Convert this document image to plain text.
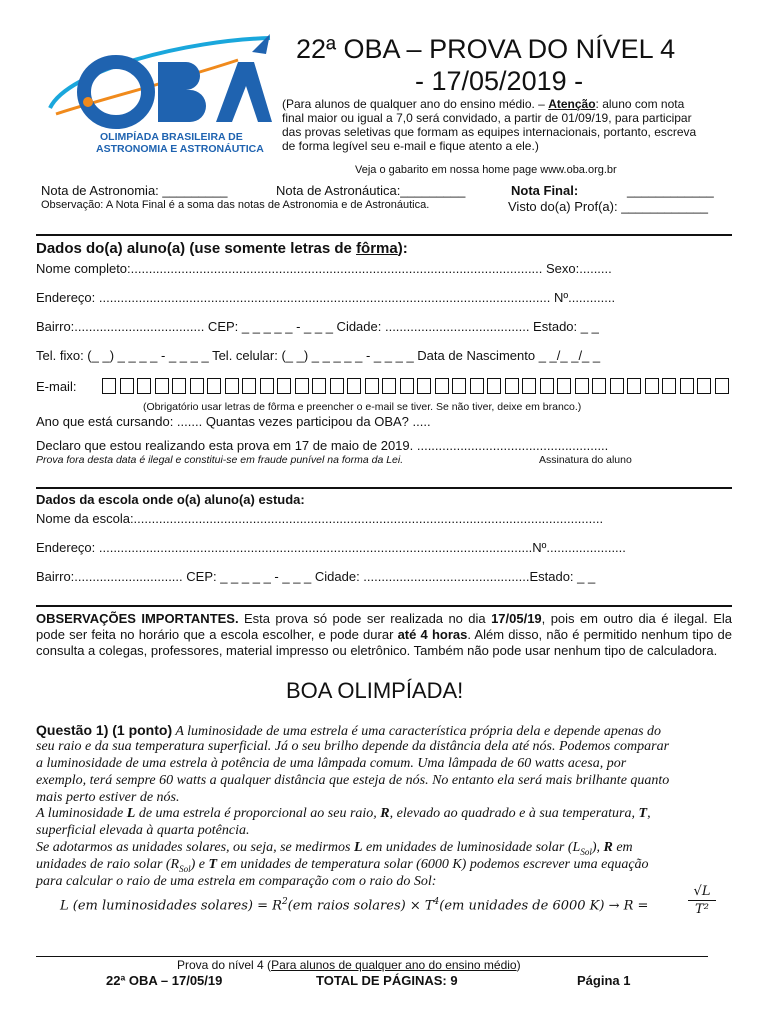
OLIMPÍADA BRASILEIRA DE
ASTRONOMIA E ASTRONÁUTICA
22ª OBA – PROVA DO NÍVEL 4
- 17/05/2019 -
(Para alunos de qualquer ano do ensino médio. – Atenção: aluno com nota
final maior ou igual a 7,0 será convidado, a partir de 01/09/19, para participar
das provas seletivas que formam as equipes internacionais, portanto, escreva
de forma legível seu e-mail e fique atento a ele.)
Veja o gabarito em nossa home page www.oba.org.br
Nota de Astronomia: _________	Nota de Astronáutica:_________	Nota Final:	____________
Observação: A Nota Final é a soma das notas de Astronomia e de Astronáutica.	Visto do(a) Prof(a): ____________
Dados do(a) aluno(a) (use somente letras de fôrma):
Nome completo:.................................................................................................................. Sexo:.........
Endereço: ............................................................................................................................. Nº.............
Bairro:.................................... CEP: _ _ _ _ _ - _ _ _ Cidade: ........................................ Estado: _ _
Tel. fixo: (_ _) _ _ _ _ - _ _ _ _ Tel. celular: (_ _) _ _ _ _ _ - _ _ _ _ Data de Nascimento _ _/_ _/_ _
E-mail:
(Obrigatório usar letras de fôrma e preencher o e-mail se tiver. Se não tiver, deixe em branco.)
Ano que está cursando: ....... Quantas vezes participou da OBA? .....
Declaro que estou realizando esta prova em 17 de maio de 2019. .....................................................
Prova fora desta data é ilegal e constitui-se em fraude punível na forma da Lei.	Assinatura do aluno
Dados da escola onde o(a) aluno(a) estuda:
Nome da escola:..................................................................................................................................
Endereço: ........................................................................................................................Nº......................
Bairro:.............................. CEP: _ _ _ _ _ - _ _ _ Cidade: ..............................................Estado: _ _
OBSERVAÇÕES IMPORTANTES. Esta prova só pode ser realizada no dia 17/05/19, pois em outro dia é ilegal. Ela pode ser feita no horário que a escola escolher, e pode durar até 4 horas. Além disso, não é permitido nenhum tipo de consulta a colegas, professores, material impresso ou eletrônico. Também não pode usar nenhum tipo de calculadora.
BOA OLIMPÍADA!
Questão 1) (1 ponto) A luminosidade de uma estrela é uma característica própria dela e depende apenas do
seu raio e da sua temperatura superficial. Já o seu brilho depende da distância dela até nós. Podemos comparar
a luminosidade de uma estrela à potência de uma lâmpada comum. Uma lâmpada de 60 watts acesa, por
exemplo, terá sempre 60 watts a qualquer distância que esteja de nós. No entanto ela será mais brilhante quanto
mais perto estiver de nós.
A luminosidade L de uma estrela é proporcional ao seu raio, R, elevado ao quadrado e à sua temperatura, T,
superficial elevada à quarta potência.
Se adotarmos as unidades solares, ou seja, se medirmos L em unidades de luminosidade solar $(L_{Sol})$, R em
unidades de raio solar $(R_{Sol})$ e T em unidades de temperatura solar (6000 K) podemos escrever uma equação
para calcular o raio de uma estrela em comparação com o raio do Sol:
L (em luminosidades solares) = $R^2(em$ raios solares) × $T^4(em$ unidades de 6000 K) → R =	$\frac{√L}{\text{T²}}$
Prova do nível 4 (Para alunos de qualquer ano do ensino médio)
22ª OBA – 17/05/19	TOTAL DE PÁGINAS: 9	Página 1
